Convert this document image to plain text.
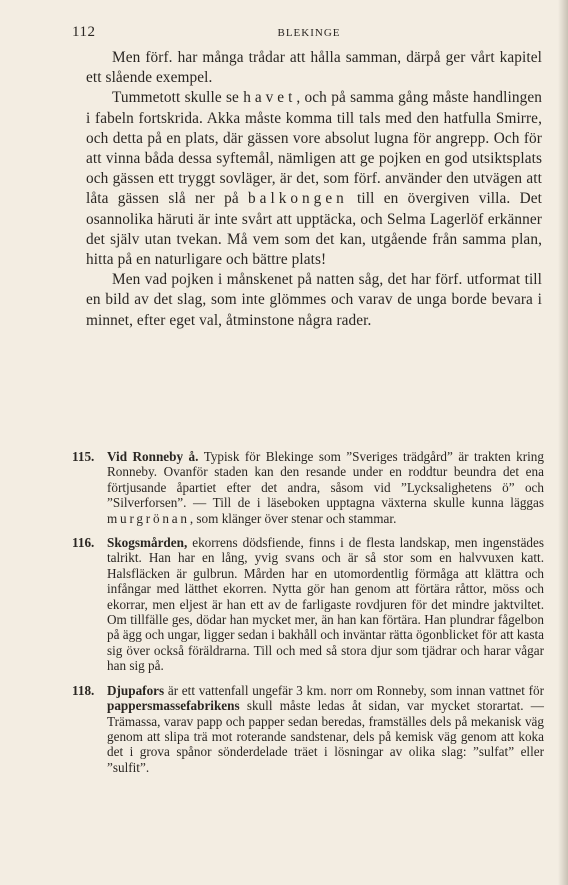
112	BLEKINGE

Men förf. har många trådar att hålla samman, därpå ger vårt kapitel ett slående exempel.

Tummetott skulle se havet, och på samma gång måste handlingen i fabeln fortskrida. Akka måste komma till tals med den hatfulla Smirre, och detta på en plats, där gässen vore absolut lugna för angrepp. Och för att vinna båda dessa syftemål, nämligen att ge pojken en god utsiktsplats och gässen ett tryggt sovläger, är det, som förf. använder den utvägen att låta gässen slå ner på balkongen till en övergiven villa. Det osannolika häruti är inte svårt att upptäcka, och Selma Lagerlöf erkänner det själv utan tvekan. Må vem som det kan, utgående från samma plan, hitta på en naturligare och bättre plats!

Men vad pojken i månskenet på natten såg, det har förf. utformat till en bild av det slag, som inte glömmes och varav de unga borde bevara i minnet, efter eget val, åtminstone några rader.

115. Vid Ronneby å. Typisk för Blekinge som ”Sveriges trädgård” är trakten kring Ronneby. Ovanför staden kan den resande under en roddtur beundra det ena förtjusande åpartiet efter det andra, såsom vid ”Lycksalighetens ö” och ”Silverforsen”. — Till de i läseboken upptagna växterna skulle kunna läggas murgrönan, som klänger över stenar och stammar.
116. Skogsmården, ekorrens dödsfiende, finns i de flesta landskap, men ingenstädes talrikt. Han har en lång, yvig svans och är så stor som en halvvuxen katt. Halsfläcken är gulbrun. Mården har en utomordentlig förmåga att klättra och infångar med lätthet ekorren. Nytta gör han genom att förtära råttor, möss och ekorrar, men eljest är han ett av de farligaste rovdjuren för det mindre jaktviltet. Om tillfälle ges, dödar han mycket mer, än han kan förtära. Han plundrar fågelbon på ägg och ungar, ligger sedan i bakhåll och inväntar rätta ögonblicket för att kasta sig över också föräldrarna. Till och med så stora djur som tjädrar och harar vågar han sig på.
118. Djupafors är ett vattenfall ungefär 3 km. norr om Ronneby, som innan vattnet för pappersmassefabrikens skull måste ledas åt sidan, var mycket storartat. — Trämassa, varav papp och papper sedan beredas, framställes dels på mekanisk väg genom att slipa trä mot roterande sandstenar, dels på kemisk väg genom att koka det i grova spånor sönderdelade träet i lösningar av olika slag: ”sulfat” eller ”sulfit”.
